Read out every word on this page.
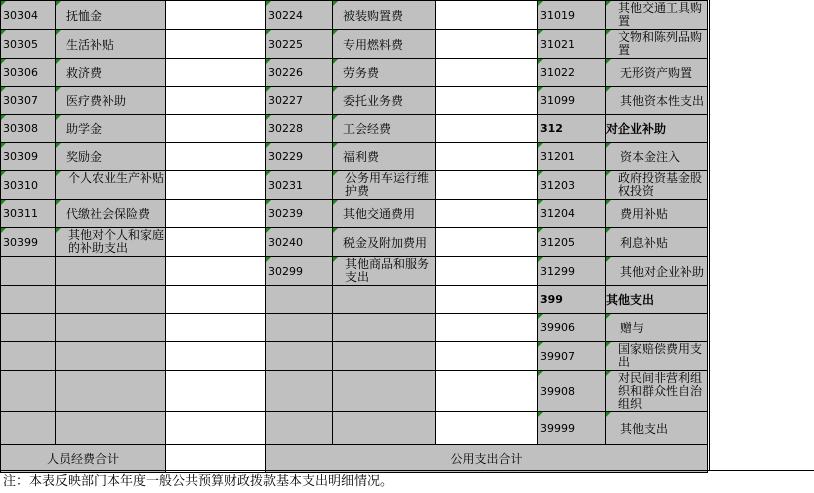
30304	抚恤金		30224	被装购置费		31019	其他交通工具购置
30305	生活补贴		30225	专用燃料费		31021	文物和陈列品购置
30306	救济费		30226	劳务费		31022	无形资产购置
30307	医疗费补助		30227	委托业务费		31099	其他资本性支出
30308	助学金		30228	工会经费		312	对企业补助
30309	奖励金		30229	福利费		31201	资本金注入
30310	个人农业生产补贴		30231	公务用车运行维护费		31203	政府投资基金股权投资
30311	代缴社会保险费		30239	其他交通费用		31204	费用补贴
30399	其他对个人和家庭的补助支出		30240	税金及附加费用		31205	利息补贴
			30299	其他商品和服务支出		31299	其他对企业补助
						399	其他支出
						39906	赠与
						39907	国家赔偿费用支出
						39908	对民间非营利组织和群众性自治组织
						39999	其他支出
人员经费合计			公用支出合计				
注：本表反映部门本年度一般公共预算财政拨款基本支出明细情况。
